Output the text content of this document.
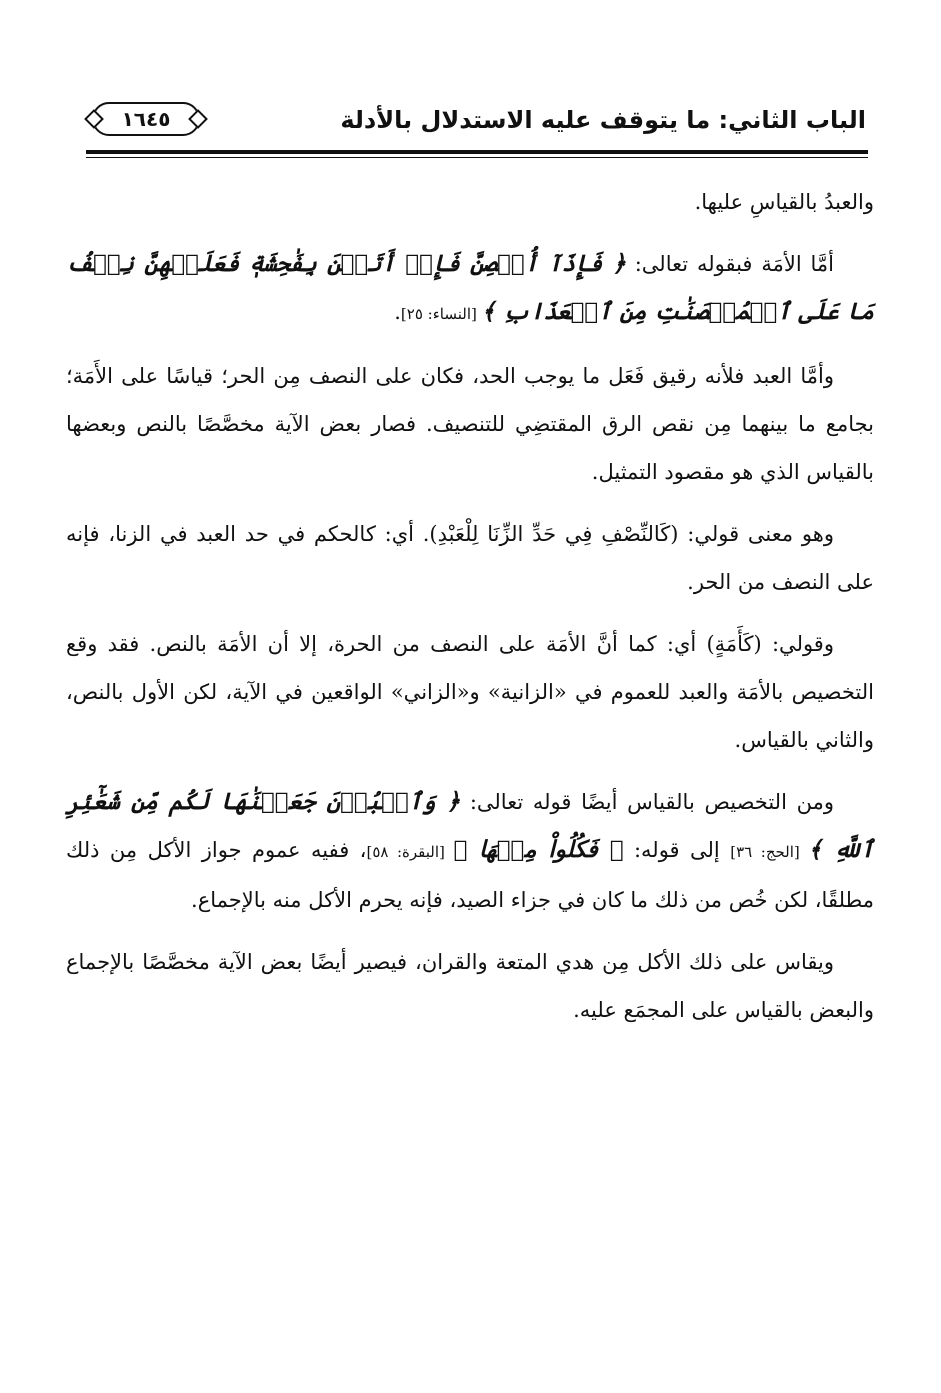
الباب الثاني: ما يتوقف عليه الاستدلال بالأدلة
١٦٤٥

والعبدُ بالقياسِ عليها.

أمَّا الأمَة فبقوله تعالى: ﴿ فَإِذَآ أُحۡصِنَّ فَإِنۡ أَتَيۡنَ بِفَٰحِشَةٖ فَعَلَيۡهِنَّ نِصۡفُ مَا عَلَى ٱلۡمُحۡصَنَٰتِ مِنَ ٱلۡعَذَابِ ﴾ [النساء: ٢٥].

وأمَّا العبد فلأنه رقيق فَعَل ما يوجب الحد، فكان على النصف مِن الحر؛ قياسًا على الأَمَة؛ بجامع ما بينهما مِن نقص الرق المقتضِي للتنصيف. فصار بعض الآية مخصَّصًا بالنص وبعضها بالقياس الذي هو مقصود التمثيل.

وهو معنى قولي: (كَالنِّصْفِ فِي حَدِّ الزِّنَا لِلْعَبْدِ). أي: كالحكم في حد العبد في الزنا، فإنه على النصف من الحر.

وقولي: (كَأَمَةٍ) أي: كما أنَّ الأمَة على النصف من الحرة، إلا أن الأمَة بالنص. فقد وقع التخصيص بالأمَة والعبد للعموم في «الزانية» و«الزاني» الواقعين في الآية، لكن الأول بالنص، والثاني بالقياس.

ومن التخصيص بالقياس أيضًا قوله تعالى: ﴿ وَٱلۡبُدۡنَ جَعَلۡنَٰهَا لَكُم مِّن شَعَٰٓئِرِ ٱللَّهِ ﴾ [الحج: ٣٦] إلى قوله: ﴿ فَكُلُواْ مِنۡهَا ﴾ [البقرة: ٥٨]، ففيه عموم جواز الأكل مِن ذلك مطلقًا، لكن خُص من ذلك ما كان في جزاء الصيد، فإنه يحرم الأكل منه بالإجماع.

ويقاس على ذلك الأكل مِن هدي المتعة والقران، فيصير أيضًا بعض الآية مخصَّصًا بالإجماع والبعض بالقياس على المجمَع عليه.
